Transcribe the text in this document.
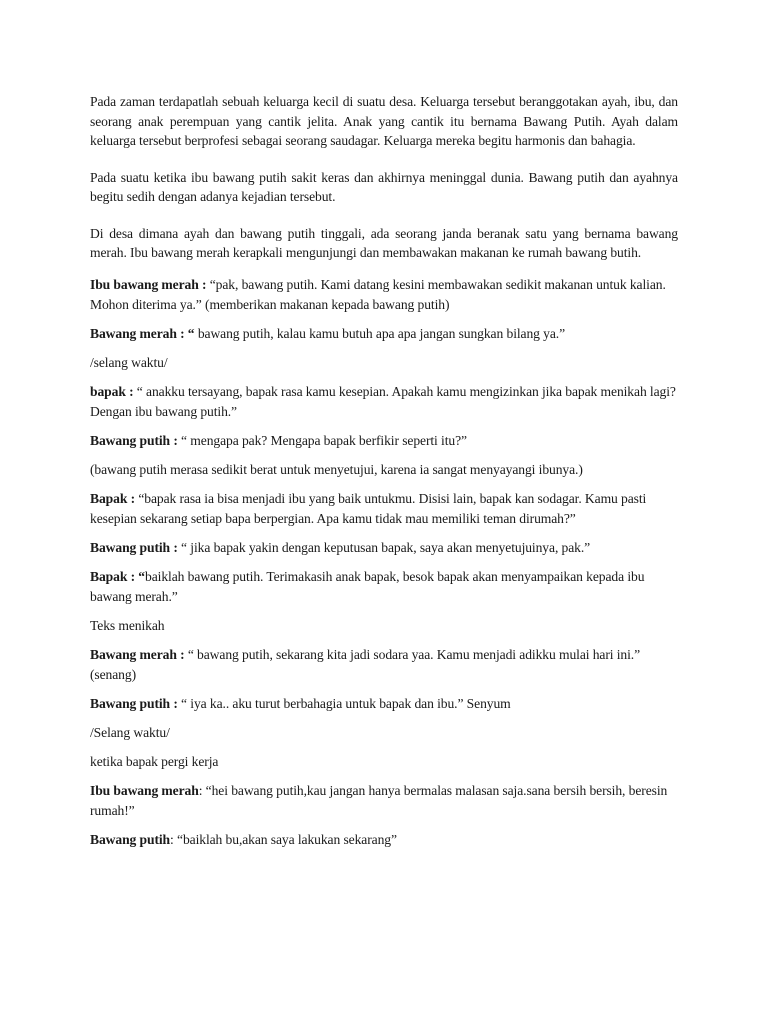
Pada zaman terdapatlah sebuah keluarga kecil di suatu desa. Keluarga tersebut beranggotakan ayah, ibu, dan seorang anak perempuan yang cantik jelita. Anak yang cantik itu bernama Bawang Putih. Ayah dalam keluarga tersebut berprofesi sebagai seorang saudagar. Keluarga mereka begitu harmonis dan bahagia.

Pada suatu ketika ibu bawang putih sakit keras dan akhirnya meninggal dunia. Bawang putih dan ayahnya begitu sedih dengan adanya kejadian tersebut.

Di desa dimana ayah dan bawang putih tinggali, ada seorang janda beranak satu yang bernama bawang merah. Ibu bawang merah kerapkali mengunjungi dan membawakan makanan ke rumah bawang butih.

Ibu bawang merah : “pak, bawang putih. Kami datang kesini membawakan sedikit makanan untuk kalian. Mohon diterima ya.” (memberikan makanan kepada bawang putih)

Bawang merah : “ bawang putih, kalau kamu butuh apa apa jangan sungkan bilang ya.”

/selang waktu/

bapak : “ anakku tersayang, bapak rasa kamu kesepian. Apakah kamu mengizinkan jika bapak menikah lagi? Dengan ibu bawang putih.”

Bawang putih : “ mengapa pak? Mengapa bapak berfikir seperti itu?”

(bawang putih merasa sedikit berat untuk menyetujui, karena ia sangat menyayangi ibunya.)

Bapak : “bapak rasa ia bisa menjadi ibu yang baik untukmu. Disisi lain, bapak kan sodagar. Kamu pasti kesepian sekarang setiap bapa berpergian. Apa kamu tidak mau memiliki teman dirumah?”

Bawang putih : “ jika bapak yakin dengan keputusan bapak, saya akan menyetujuinya, pak.”

Bapak : “baiklah bawang putih. Terimakasih anak bapak, besok bapak akan menyampaikan kepada ibu bawang merah.”

Teks menikah

Bawang merah : “ bawang putih, sekarang kita jadi sodara yaa. Kamu menjadi adikku mulai hari ini.” (senang)

Bawang putih : “ iya ka.. aku turut berbahagia untuk bapak dan ibu.” Senyum

/Selang waktu/

ketika bapak pergi kerja

Ibu bawang merah: “hei bawang putih,kau jangan hanya bermalas malasan saja.sana bersih bersih, beresin rumah!”

Bawang putih: “baiklah bu,akan saya lakukan sekarang”
